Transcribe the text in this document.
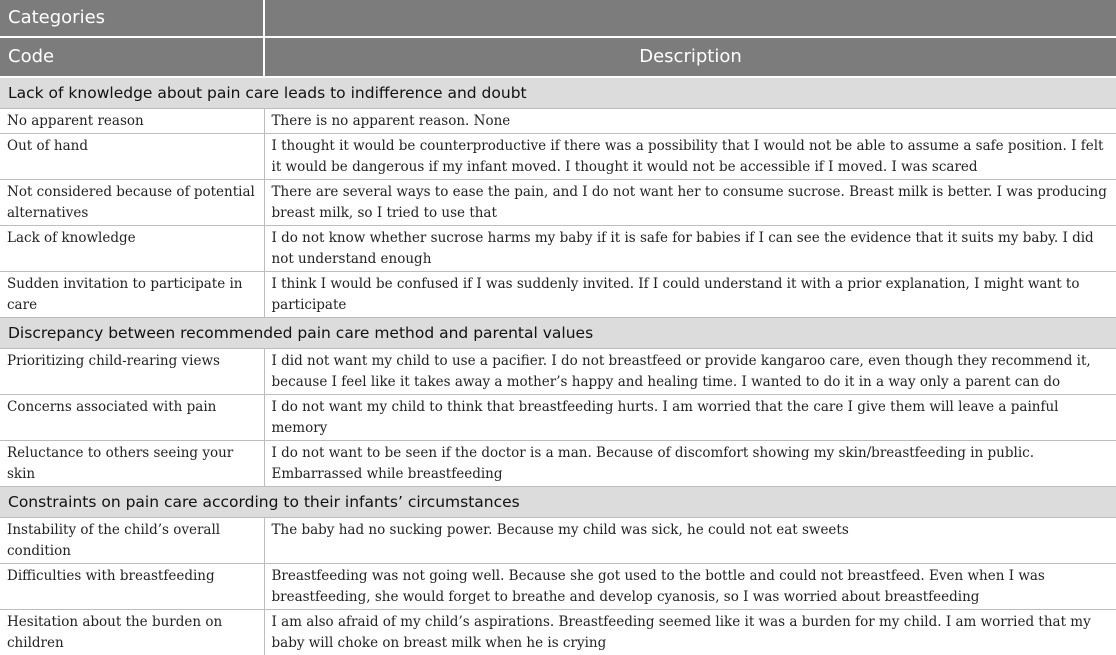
Categories	
Code	Description
Lack of knowledge about pain care leads to indifference and doubt	
No apparent reason	There is no apparent reason. None
Out of hand	I thought it would be counterproductive if there was a possibility that I would not be able to assume a safe position. I felt it would be dangerous if my infant moved. I thought it would not be accessible if I moved. I was scared
Not considered because of potential alternatives	There are several ways to ease the pain, and I do not want her to consume sucrose. Breast milk is better. I was producing breast milk, so I tried to use that
Lack of knowledge	I do not know whether sucrose harms my baby if it is safe for babies if I can see the evidence that it suits my baby. I did not understand enough
Sudden invitation to participate in care	I think I would be confused if I was suddenly invited. If I could understand it with a prior explanation, I might want to participate
Discrepancy between recommended pain care method and parental values	
Prioritizing child-rearing views	I did not want my child to use a pacifier. I do not breastfeed or provide kangaroo care, even though they recommend it, because I feel like it takes away a mother’s happy and healing time. I wanted to do it in a way only a parent can do
Concerns associated with pain	I do not want my child to think that breastfeeding hurts. I am worried that the care I give them will leave a painful memory
Reluctance to others seeing your skin	I do not want to be seen if the doctor is a man. Because of discomfort showing my skin/breastfeeding in public. Embarrassed while breastfeeding
Constraints on pain care according to their infants’ circumstances	
Instability of the child’s overall condition	The baby had no sucking power. Because my child was sick, he could not eat sweets
Difficulties with breastfeeding	Breastfeeding was not going well. Because she got used to the bottle and could not breastfeed. Even when I was breastfeeding, she would forget to breathe and develop cyanosis, so I was worried about breastfeeding
Hesitation about the burden on children	I am also afraid of my child’s aspirations. Breastfeeding seemed like it was a burden for my child. I am worried that my baby will choke on breast milk when he is crying
